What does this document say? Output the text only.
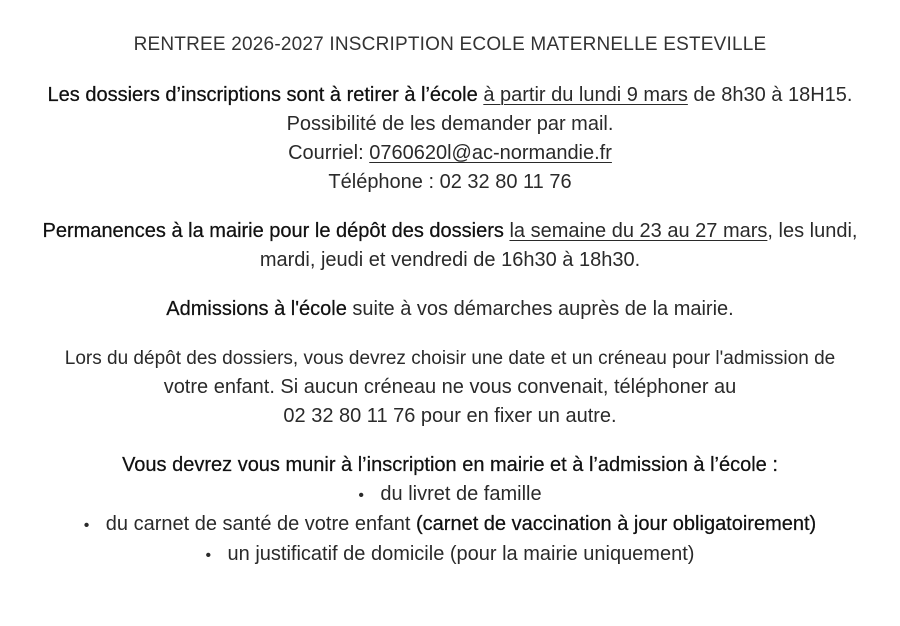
RENTREE 2026-2027 INSCRIPTION ECOLE MATERNELLE ESTEVILLE
Les dossiers d’inscriptions sont à retirer à l’école à partir du lundi 9 mars de 8h30 à 18H15.
Possibilité de les demander par mail.
Courriel: 0760620l@ac-normandie.fr
Téléphone : 02 32 80 11 76
Permanences à la mairie pour le dépôt des dossiers la semaine du 23 au 27 mars, les lundi,
mardi, jeudi et vendredi de 16h30 à 18h30.
Admissions à l'école suite à vos démarches auprès de la mairie.
Lors du dépôt des dossiers, vous devrez choisir une date et un créneau pour l'admission de
votre enfant. Si aucun créneau ne vous convenait, téléphoner au
02 32 80 11 76 pour en fixer un autre.
Vous devrez vous munir à l’inscription en mairie et à l’admission à l’école :
• du livret de famille
• du carnet de santé de votre enfant (carnet de vaccination à jour obligatoirement)
• un justificatif de domicile (pour la mairie uniquement)
